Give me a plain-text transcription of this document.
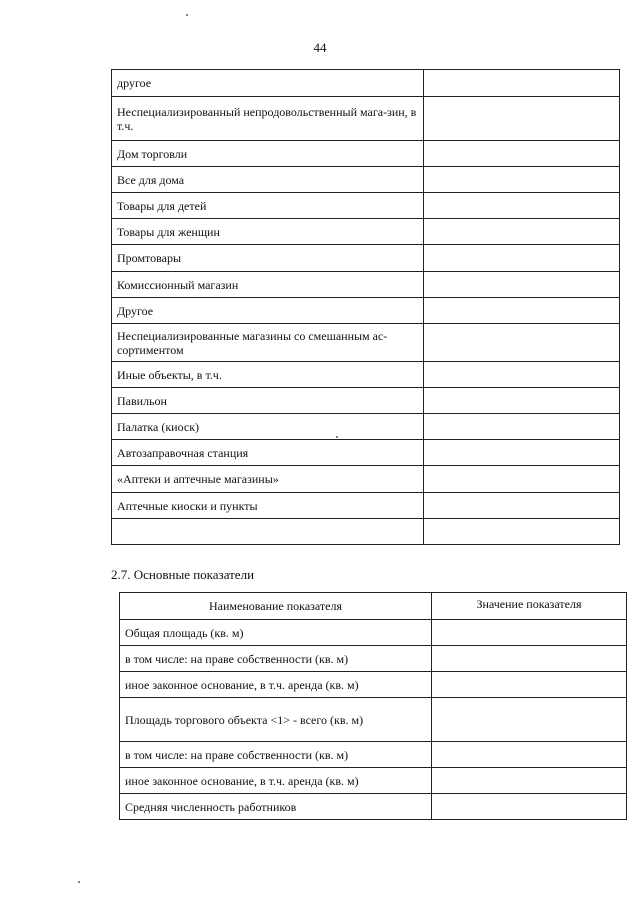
44
другое	
Неспециализированный непродовольственный мага-зин, в т.ч.	
Дом торговли	
Все для дома	
Товары для детей	
Товары для женщин	
Промтовары	
Комиссионный магазин	
Другое	
Неспециализированные магазины со смешанным ас-сортиментом	
Иные объекты, в т.ч.	
Павильон	
Палатка (киоск)	
Автозаправочная станция	
«Аптеки и аптечные магазины»	
Аптечные киоски и пункты	

2.7. Основные показатели
Наименование показателя	Значение показателя
Общая площадь (кв. м)	
в том числе: на праве собственности (кв. м)	
иное законное основание, в т.ч. аренда (кв. м)	
Площадь торгового объекта <1> - всего (кв. м)	
в том числе: на праве собственности (кв. м)	
иное законное основание, в т.ч. аренда (кв. м)	
Средняя численность работников	
